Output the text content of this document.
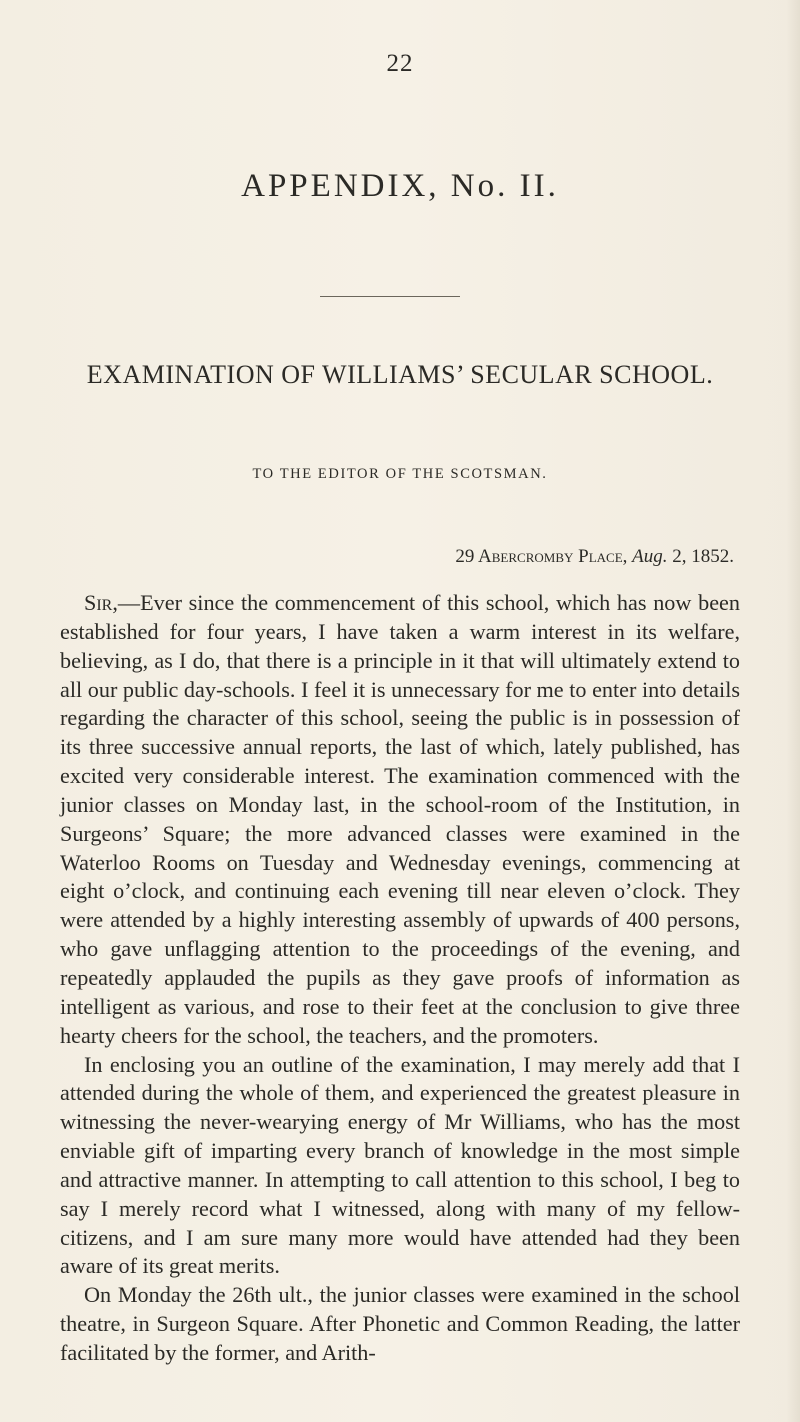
22
APPENDIX, No. II.
EXAMINATION OF WILLIAMS’ SECULAR SCHOOL.
TO THE EDITOR OF THE SCOTSMAN.
29 Abercromby Place, Aug. 2, 1852.

Sir,—Ever since the commencement of this school, which has now been established for four years, I have taken a warm interest in its welfare, believing, as I do, that there is a principle in it that will ultimately extend to all our public day-schools. I feel it is unnecessary for me to enter into details regarding the character of this school, seeing the public is in possession of its three successive annual reports, the last of which, lately published, has excited very considerable interest. The examination commenced with the junior classes on Monday last, in the school-room of the Institution, in Surgeons’ Square; the more advanced classes were examined in the Waterloo Rooms on Tuesday and Wednesday evenings, commencing at eight o’clock, and continuing each evening till near eleven o’clock. They were attended by a highly interesting assembly of upwards of 400 persons, who gave unflagging attention to the proceedings of the evening, and repeatedly applauded the pupils as they gave proofs of information as intelligent as various, and rose to their feet at the conclusion to give three hearty cheers for the school, the teachers, and the promoters.

In enclosing you an outline of the examination, I may merely add that I attended during the whole of them, and experienced the greatest pleasure in witnessing the never-wearying energy of Mr Williams, who has the most enviable gift of imparting every branch of knowledge in the most simple and attractive manner. In attempting to call attention to this school, I beg to say I merely record what I witnessed, along with many of my fellow-citizens, and I am sure many more would have attended had they been aware of its great merits.

On Monday the 26th ult., the junior classes were examined in the school theatre, in Surgeon Square. After Phonetic and Common Reading, the latter facilitated by the former, and Arith-
